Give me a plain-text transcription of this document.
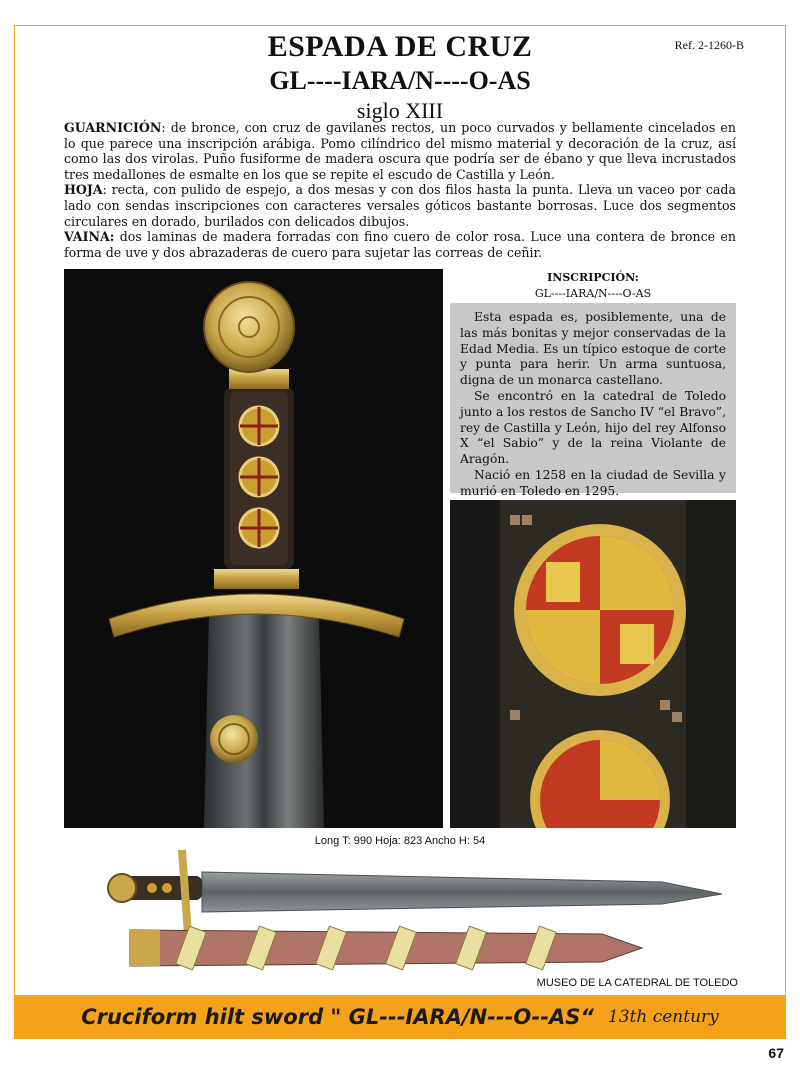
ESPADA DE CRUZ
GL----IARA/N----O-AS
siglo XIII
Ref. 2-1260-B

GUARNICIÓN: de bronce, con cruz de gavilanes rectos, un poco curvados y bellamente cincelados en lo que parece una inscripción arábiga. Pomo cilíndrico del mismo material y decoración de la cruz, así como las dos virolas. Puño fusiforme de madera oscura que podría ser de ébano y que lleva incrustados tres medallones de esmalte en los que se repite el escudo de Castilla y León.

HOJA: recta, con pulido de espejo, a dos mesas y con dos filos hasta la punta. Lleva un vaceo por cada lado con sendas inscripciones con caracteres versales góticos bastante borrosas. Luce dos segmentos circulares en dorado, burilados con delicados dibujos.

VAINA: dos laminas de madera forradas con fino cuero de color rosa. Luce una contera de bronce en forma de uve y dos abrazaderas de cuero para sujetar las correas de ceñir.

INSCRIPCIÓN:
GL----IARA/N----O-AS

Esta espada es, posiblemente, una de las más bonitas y mejor conservadas de la Edad Media. Es un típico estoque de corte y punta para herir. Un arma suntuosa, digna de un monarca castellano.

Se encontró en la catedral de Toledo junto a los restos de Sancho IV “el Bravo”, rey de Castilla y León, hijo del rey Alfonso X “el Sabio” y de la reina Violante de Aragón.

Nació en 1258 en la ciudad de Sevilla y murió en Toledo en 1295.

Long T: 990 Hoja: 823 Ancho H: 54
MUSEO DE LA CATEDRAL DE TOLEDO
Cruciform hilt sword " GL---IARA/N---O--AS“ 13th century
67
